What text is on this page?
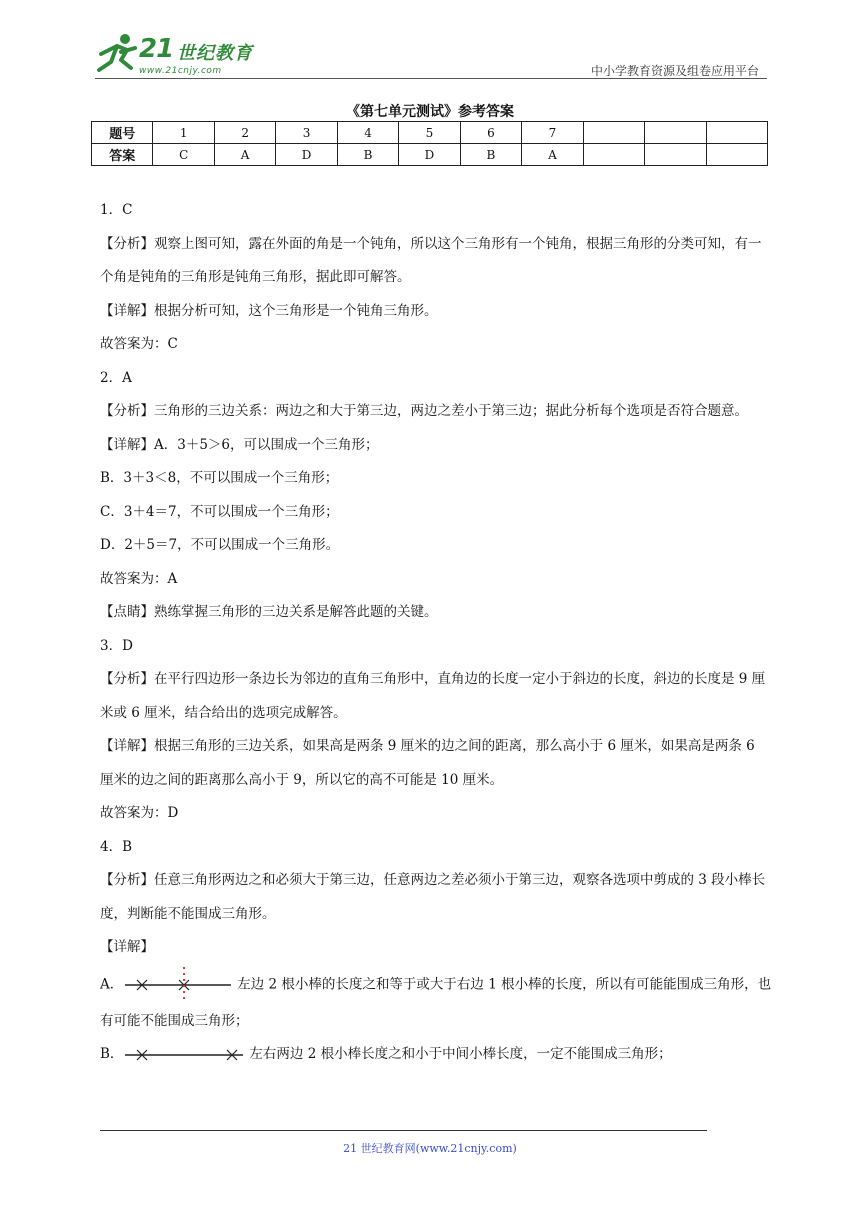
21 世纪教育
www.21cnjy.com	中小学教育资源及组卷应用平台
《第七单元测试》参考答案
题号	1	2	3	4	5	6	7			
答案	C	A	D	B	D	B	A			

1．C

【分析】观察上图可知，露在外面的角是一个钝角，所以这个三角形有一个钝角，根据三角形的分类可知，有一个角是钝角的三角形是钝角三角形，据此即可解答。

【详解】根据分析可知，这个三角形是一个钝角三角形。

故答案为：C

2．A

【分析】三角形的三边关系：两边之和大于第三边，两边之差小于第三边；据此分析每个选项是否符合题意。

【详解】A．3＋5＞6，可以围成一个三角形；

B．3＋3＜8，不可以围成一个三角形；

C．3＋4＝7，不可以围成一个三角形；

D．2＋5＝7，不可以围成一个三角形。

故答案为：A

【点睛】熟练掌握三角形的三边关系是解答此题的关键。

3．D

【分析】在平行四边形一条边长为邻边的直角三角形中，直角边的长度一定小于斜边的长度，斜边的长度是 9 厘米或 6 厘米，结合给出的选项完成解答。

【详解】根据三角形的三边关系，如果高是两条 9 厘米的边之间的距离，那么高小于 6 厘米，如果高是两条 6 厘米的边之间的距离那么高小于 9，所以它的高不可能是 10 厘米。

故答案为：D

4．B

【分析】任意三角形两边之和必须大于第三边，任意两边之差必须小于第三边，观察各选项中剪成的 3 段小棒长度，判断能不能围成三角形。

【详解】

A．	左边 2 根小棒的长度之和等于或大于右边 1 根小棒的长度，所以有可能能围成三角形，也有可能不能围成三角形；

B．	左右两边 2 根小棒长度之和小于中间小棒长度，一定不能围成三角形；

21 世纪教育网(www.21cnjy.com)
